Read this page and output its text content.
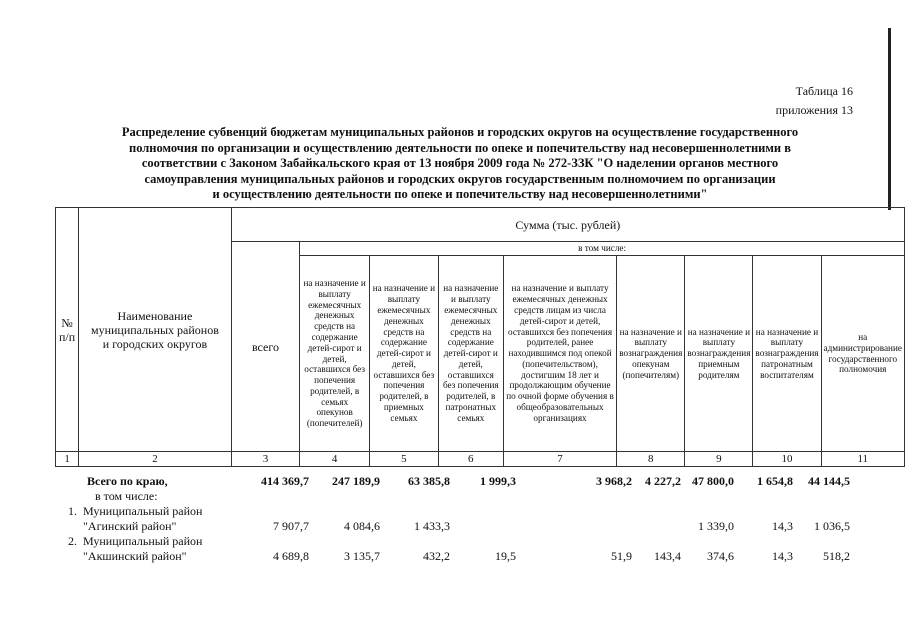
Таблица 16
приложения 13
Распределение субвенций бюджетам муниципальных районов и городских округов на осуществление государственного
полномочия по организации и осуществлению деятельности по опеке и попечительству над несовершеннолетними в
соответствии с Законом Забайкальского края от 13 ноября 2009 года № 272-ЗЗК "О наделении органов местного
самоуправления муниципальных районов и городских округов государственным полномочием по организации
и осуществлению деятельности по опеке и попечительству над несовершеннолетними"
№ п/п	Наименование муниципальных районов и городских округов	Сумма (тыс. рублей)								
		всего	в том числе:							
			на назначение и выплату ежемесячных денежных средств на содержание детей-сирот и детей, оставшихся без попечения родителей, в семьях опекунов (попечителей)	на назначение и выплату ежемесячных денежных средств на содержание детей-сирот и детей, оставшихся без попечения родителей, в приемных семьях	на назначение и выплату ежемесячных денежных средств на содержание детей-сирот и детей, оставшихся без попечения родителей, в патронатных семьях	на назначение и выплату ежемесячных денежных средств лицам из числа детей-сирот и детей, оставшихся без попечения родителей, ранее находившимся под опекой (попечительством), достигшим 18 лет и продолжающим обучение по очной форме обучения в общеобразовательных организациях	на назначение и выплату вознаграждения опекунам (попечителям)	на назначение и выплату вознаграждения приемным родителям	на назначение и выплату вознаграждения патронатным воспитателям	на администрирование государственного полномочия
1	2	3	4	5	6	7	8	9	10	11
	Всего по краю,	414 369,7	247 189,9	63 385,8	1 999,3	3 968,2	4 227,2	47 800,0	1 654,8	44 144,5
	в том числе:									
1.	Муниципальный район									
	"Агинский район"	7 907,7	4 084,6	1 433,3				1 339,0	14,3	1 036,5
2.	Муниципальный район									
	"Акшинский район"	4 689,8	3 135,7	432,2	19,5	51,9	143,4	374,6	14,3	518,2
